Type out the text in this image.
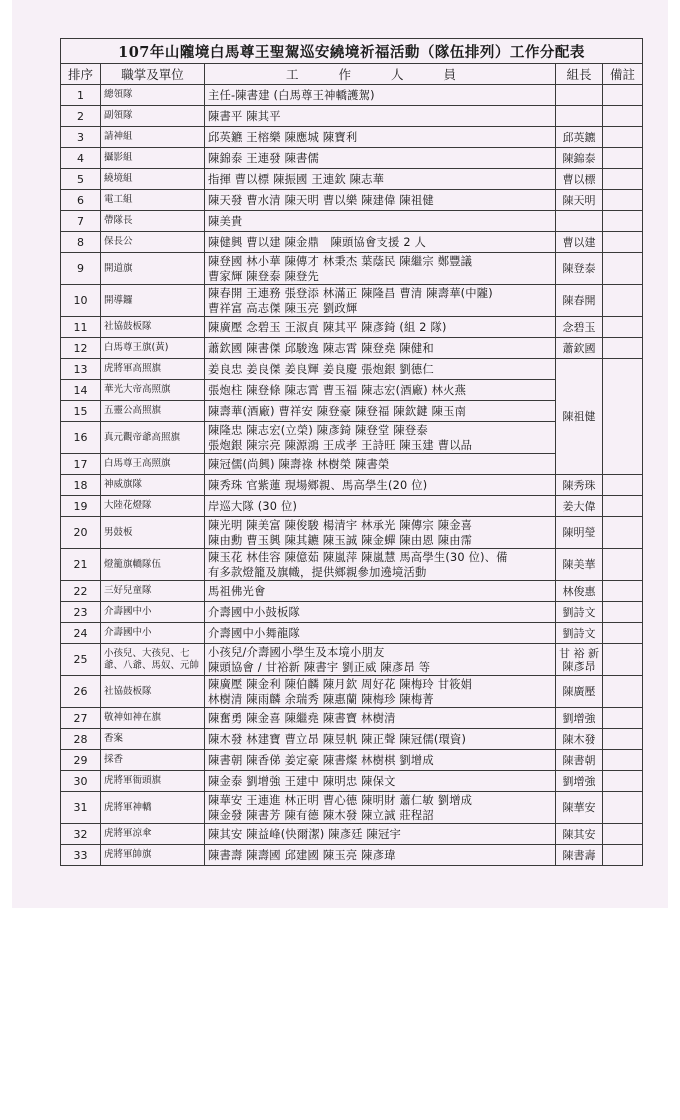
107年山隴境白馬尊王聖駕巡安繞境祈福活動（隊伍排列）工作分配表				
排序	職掌及單位	工 作 人 員	組長	備註
1	總領隊	主任-陳書建 (白馬尊王神轎護駕)		

2	副領隊	陳書平 陳其平		

3	請神組	邱英鑣 王榕樂 陳應城 陳寶利	邱英鑣	
4	攝影組	陳錦泰 王連發 陳書儒	陳錦泰	
5	繞境組	指揮 曹以標 陳振國 王連欽 陳志華	曹以標	
6	電工組	陳天發 曹水清 陳天明 曹以樂 陳建偉 陳祖健	陳天明	
7	帶隊長	陳美貴		

8	保長公	陳健興 曹以建 陳金鼎　陳頭協會支援 2 人	曹以建	
9	開道旗	陳登國 林小華 陳傳才 林秉杰 葉蔭民 陳繼宗 鄭豐議
曹家輝 陳登泰 陳登先	陳登泰	
10	開導鑼	陳春開 王連務 張登添 林滿正 陳隆昌 曹清 陳壽華(中隴)
曹祥富 高志傑 陳玉亮 劉政輝	陳春開	
11	社協鼓板隊	陳廣壓 念碧玉 王淑貞 陳其平 陳彥錡 (組 2 隊)	念碧玉	
12	白馬尊王旗(黃)	蕭欽國 陳書傑 邱駿逸 陳志霄 陳登堯 陳健和	蕭欽國	
13	虎將軍高照旗	姜良忠 姜良傑 姜良輝 姜良慶 張炮銀 劉德仁	陳祖健	
14	華光大帝高照旗	張炮柱 陳登條 陳志霄 曹玉福 陳志宏(酒廠) 林火燕		

15	五靈公高照旗	陳壽華(酒廠) 曹祥安 陳登豪 陳登福 陳欽鍵 陳玉南		

16	真元觀帝爺高照旗	陳隆忠 陳志宏(立榮) 陳彥錡 陳登堂 陳登泰
張炮銀 陳宗亮 陳源鴻 王成孝 王詩旺 陳玉建 曹以品		

17	白馬尊王高照旗	陳冠儒(尚興) 陳壽祿 林樹榮 陳書榮		

18	神威旗隊	陳秀珠 官紫蓮 現場鄉親、馬高學生(20 位)	陳秀珠	
19	大陸花燈隊	岸巡大隊 (30 位)	姜大偉	
20	男鼓板	陳光明 陳美富 陳俊駿 楊清宇 林承光 陳傳宗 陳金喜
陳由勳 曹玉興 陳其鑣 陳玉誠 陳金蟬 陳由恩 陳由霈	陳明瑩	
21	燈籠旗轎隊伍	陳玉花 林佳容 陳億茹 陳嵐萍 陳嵐慧 馬高學生(30 位)、備
有多款燈籠及旗幟，提供鄉親參加遶境活動	陳美華	
22	三好兒童隊	馬祖佛光會	林俊惠	
23	介壽國中小	介壽國中小鼓板隊	劉詩文	
24	介壽國中小	介壽國中小舞龍隊	劉詩文	
25	小孩兒、大孩兒、七爺、八爺、馬奴、元帥	小孩兒/介壽國小學生及本境小朋友
陳頭協會 / 甘裕新 陳書宇 劉正威 陳彥昂 等	甘 裕 新
陳彥昂	
26	社協鼓板隊	陳廣壓 陳金利 陳伯麟 陳月欽 周好花 陳梅玲 甘筱娟
林樹清 陳雨麟 余瑞秀 陳惠蘭 陳梅珍 陳梅菁	陳廣壓	
27	敬神如神在旗	陳奮勇 陳金喜 陳繼堯 陳書寶 林樹清	劉增強	
28	香案	陳木發 林建寶 曹立昂 陳昱帆 陳正聲 陳冠儒(環資)	陳木發	
29	採香	陳書朝 陳香俤 姜定豪 陳書燦 林樹棋 劉增成	陳書朝	
30	虎將軍衙頭旗	陳金泰 劉增強 王建中 陳明忠 陳保文	劉增強	
31	虎將軍神轎	陳華安 王連進 林正明 曹心德 陳明財 蕭仁敏 劉增成
陳金發 陳書芳 陳有德 陳木發 陳立誠 莊程詔	陳華安	
32	虎將軍涼傘	陳其安 陳益峰(快爾潔) 陳彥廷 陳冠宇	陳其安	
33	虎將軍帥旗	陳書壽 陳壽國 邱建國 陳玉亮 陳彥瑋	陳書壽	
